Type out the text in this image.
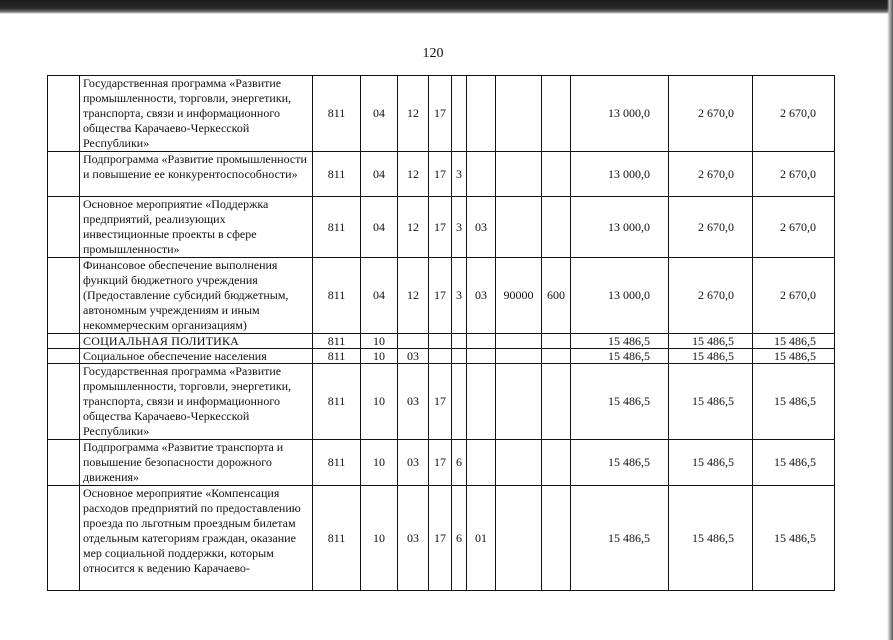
120
	Государственная программа «Развитие промышленности, торговли, энергетики, транспорта, связи и информационного общества Карачаево-Черкесской Республики»	811	04	12	17					13 000,0	2 670,0	2 670,0
	Подпрограмма «Развитие промышленности и повышение ее конкурентоспособности»	811	04	12	17	3				13 000,0	2 670,0	2 670,0
	Основное мероприятие «Поддержка предприятий, реализующих инвестиционные проекты в сфере промышленности»	811	04	12	17	3	03			13 000,0	2 670,0	2 670,0
	Финансовое обеспечение выполнения функций бюджетного учреждения (Предоставление субсидий бюджетным, автономным учреждениям и иным некоммерческим организациям)	811	04	12	17	3	03	90000	600	13 000,0	2 670,0	2 670,0
	СОЦИАЛЬНАЯ ПОЛИТИКА	811	10							15 486,5	15 486,5	15 486,5
	Социальное обеспечение населения	811	10	03						15 486,5	15 486,5	15 486,5
	Государственная программа «Развитие промышленности, торговли, энергетики, транспорта, связи и информационного общества Карачаево-Черкесской Республики»	811	10	03	17					15 486,5	15 486,5	15 486,5
	Подпрограмма «Развитие транспорта и повышение безопасности дорожного движения»	811	10	03	17	6				15 486,5	15 486,5	15 486,5
	Основное мероприятие «Компенсация расходов предприятий по предоставлению проезда по льготным проездным билетам отдельным категориям граждан, оказание мер социальной поддержки, которым относится к ведению Карачаево-	811	10	03	17	6	01			15 486,5	15 486,5	15 486,5
